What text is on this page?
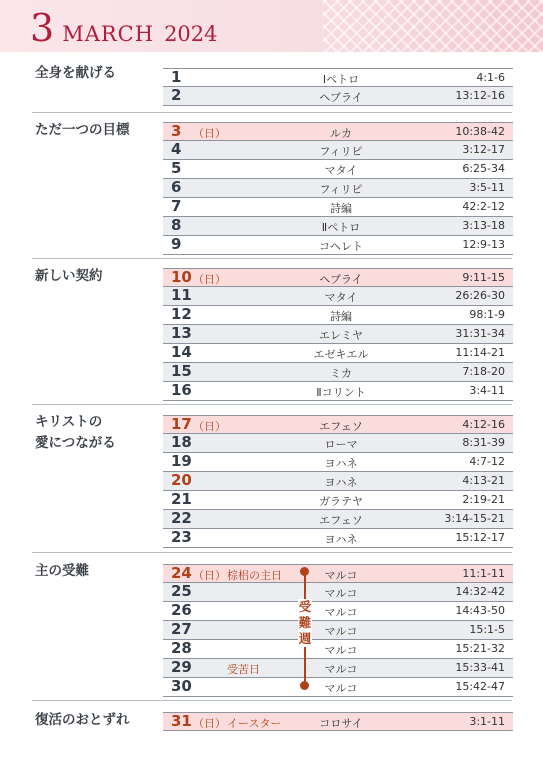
3 MARCH 2024
全身を献げる	1	Ⅰペトロ	4:1-6
2	ヘブライ	13:12-16
ただ一つの目標	3 （日）	ルカ	10:38-42
4	フィリピ	3:12-17
5	マタイ	6:25-34
6	フィリピ	3:5-11
7	詩編	42:2-12
8	Ⅱペトロ	3:13-18
9	コヘレト	12:9-13
新しい契約	10 （日）	ヘブライ	9:11-15
11	マタイ	26:26-30
12	詩編	98:1-9
13	エレミヤ	31:31-34
14	エゼキエル	11:14-21
15	ミカ	7:18-20
16	Ⅱコリント	3:4-11
キリストの
愛につながる
17 （日）	エフェソ	4:12-16
18	ローマ	8:31-39
19	ヨハネ	4:7-12
20	ヨハネ	4:13-21
21	ガラテヤ	2:19-21
22	エフェソ	3:14-15-21
23	ヨハネ	15:12-17
主の受難	24 （日） 棕梠の主日	マルコ	11:1-11
25	マルコ	14:32-42
26	マルコ	14:43-50
27	マルコ	15:1-5
28	マルコ	15:21-32
29	受苦日	マルコ	15:33-41
30	マルコ	15:42-47
復活のおとずれ	31 （日） イースター	コロサイ	3:1-11
受
難
週
